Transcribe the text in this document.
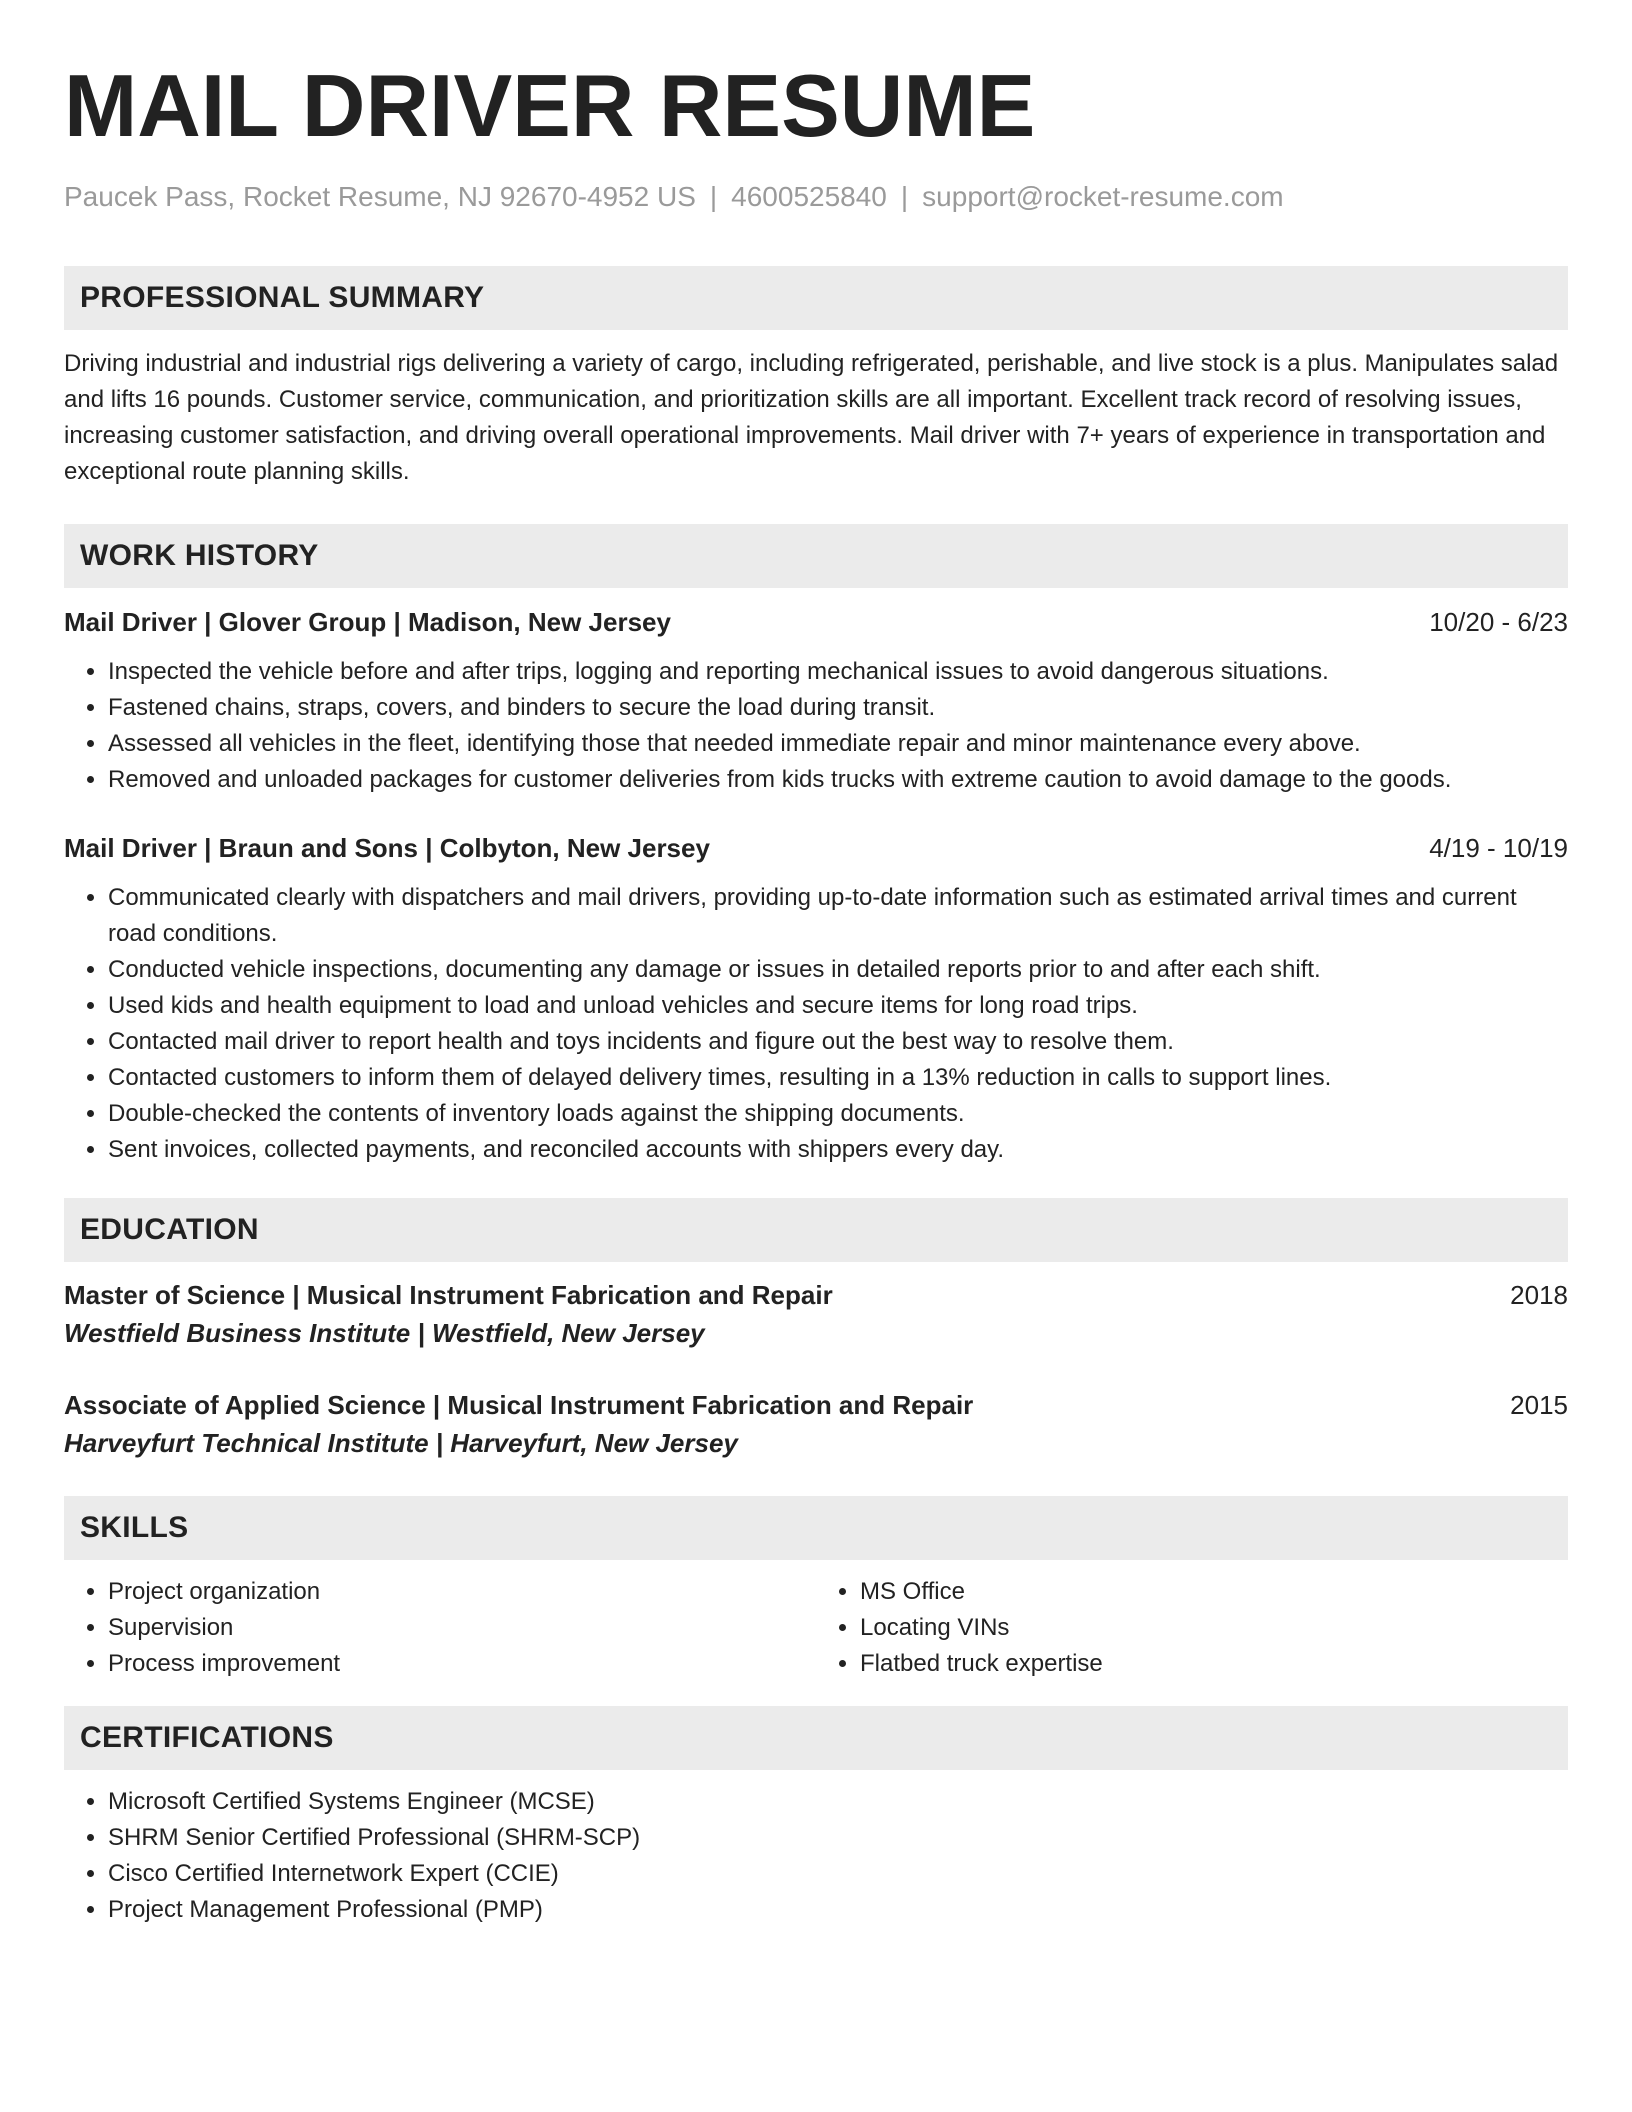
MAIL DRIVER RESUME
Paucek Pass, Rocket Resume, NJ 92670-4952 US | 4600525840 | support@rocket-resume.com
PROFESSIONAL SUMMARY

Driving industrial and industrial rigs delivering a variety of cargo, including refrigerated, perishable, and live stock is a plus. Manipulates salad and lifts 16 pounds. Customer service, communication, and prioritization skills are all important. Excellent track record of resolving issues, increasing customer satisfaction, and driving overall operational improvements. Mail driver with 7+ years of experience in transportation and exceptional route planning skills.

WORK HISTORY
Mail Driver | Glover Group | Madison, New Jersey	10/20 - 6/23
• Inspected the vehicle before and after trips, logging and reporting mechanical issues to avoid dangerous situations.
• Fastened chains, straps, covers, and binders to secure the load during transit.
• Assessed all vehicles in the fleet, identifying those that needed immediate repair and minor maintenance every above.
• Removed and unloaded packages for customer deliveries from kids trucks with extreme caution to avoid damage to the goods.
Mail Driver | Braun and Sons | Colbyton, New Jersey	4/19 - 10/19
• Communicated clearly with dispatchers and mail drivers, providing up-to-date information such as estimated arrival times and current road conditions.
• Conducted vehicle inspections, documenting any damage or issues in detailed reports prior to and after each shift.
• Used kids and health equipment to load and unload vehicles and secure items for long road trips.
• Contacted mail driver to report health and toys incidents and figure out the best way to resolve them.
• Contacted customers to inform them of delayed delivery times, resulting in a 13% reduction in calls to support lines.
• Double-checked the contents of inventory loads against the shipping documents.
• Sent invoices, collected payments, and reconciled accounts with shippers every day.
EDUCATION
Master of Science | Musical Instrument Fabrication and Repair	2018
Westfield Business Institute | Westfield, New Jersey
Associate of Applied Science | Musical Instrument Fabrication and Repair	2015
Harveyfurt Technical Institute | Harveyfurt, New Jersey
SKILLS
• Project organization
• Supervision
• Process improvement
• MS Office
• Locating VINs
• Flatbed truck expertise
CERTIFICATIONS
• Microsoft Certified Systems Engineer (MCSE)
• SHRM Senior Certified Professional (SHRM-SCP)
• Cisco Certified Internetwork Expert (CCIE)
• Project Management Professional (PMP)
